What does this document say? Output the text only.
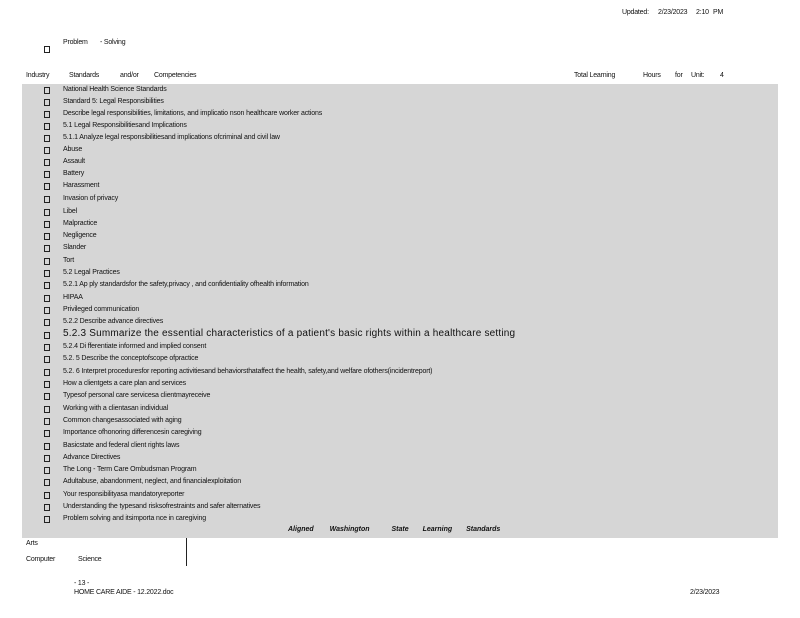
Updated: 2/23/2023 2:10 PM
Problem - Solving
Industry	Standards	and/or Competencies	Total Learning	Hours for Unit: 4
National Health Science Standards
Standard 5: Legal Responsibilities
Describe legal responsibilities, limitations, and implicatio nson healthcare worker actions
5.1 Legal Responsibilitiesand Implications
5.1.1 Analyze legal responsibilitiesand implications ofcriminal and civil law
Abuse
Assault
Battery
Harassment
Invasion of privacy
Libel
Malpractice
Negligence
Slander
Tort
5.2 Legal Practices
5.2.1 Ap ply standardsfor the safety,privacy , and confidentiality ofhealth information
HIPAA
Privileged communication
5.2.2 Describe advance directives
5.2.3 Summarize the essential characteristics of a patient's basic rights within a healthcare setting
5.2.4 Di fferentiate informed and implied consent
5.2. 5 Describe the conceptofscope ofpractice
5.2. 6 Interpret proceduresfor reporting activitiesand behaviorsthataffect the health, safety,and welfare ofothers(incidentreport)
How a clientgets a care plan and services
Typesof personal care servicesa clientmayreceive
Working with a clientasan individual
Common changesassociated with aging
Importance ofhonoring differencesin caregiving
Basicstate and federal client rights laws
Advance Directives
The Long - Term Care Ombudsman Program
Adultabuse, abandonment, neglect, and financialexploitation
Your responsibilityasa mandatoryreporter
Understanding the typesand risksofrestraints and safer alternatives
Problem solving and itsimporta nce in caregiving
Aligned Washington	State Learning Standards
Arts
Computer	Science
- 13 -
HOME CARE AIDE - 12.2022.doc	2/23/2023
